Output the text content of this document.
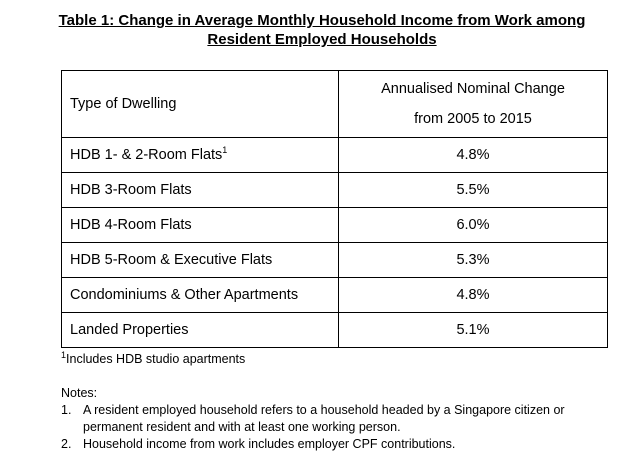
Table 1: Change in Average Monthly Household Income from Work among
Resident Employed Households
Type of Dwelling	Annualised Nominal Change
from 2005 to 2015

HDB 1- & 2-Room Flats$^1$	4.8%
HDB 3-Room Flats	5.5%
HDB 4-Room Flats	6.0%
HDB 5-Room & Executive Flats	5.3%
Condominiums & Other Apartments	4.8%
Landed Properties	5.1%
$^1$Includes HDB studio apartments
Notes:
1. A resident employed household refers to a household headed by a Singapore citizen or permanent resident and with at least one working person.
2. Household income from work includes employer CPF contributions.
